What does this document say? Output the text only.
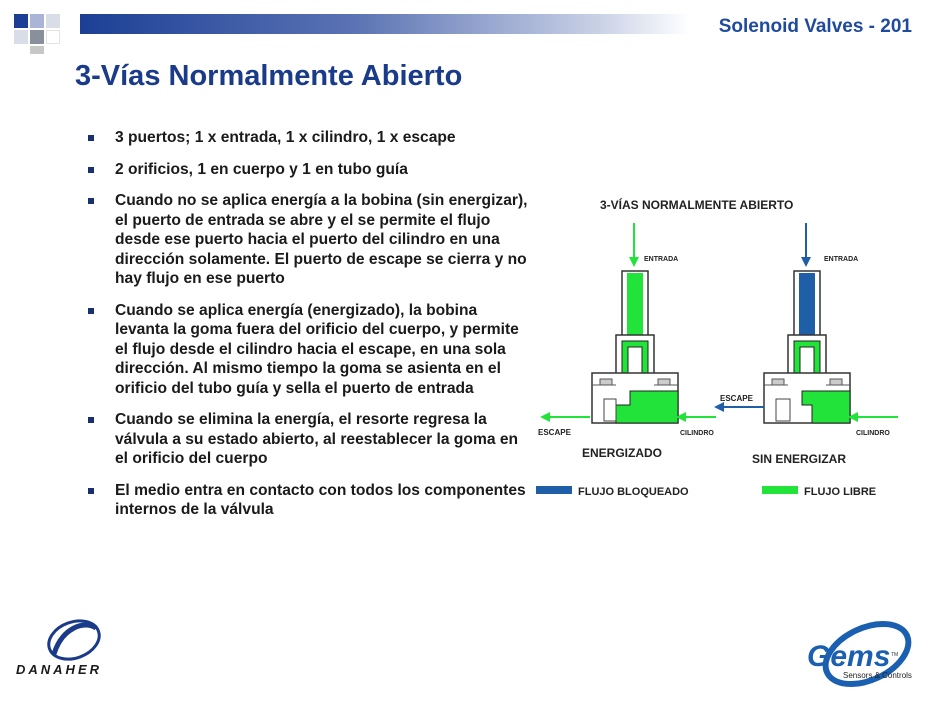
Solenoid Valves - 201
3-Vías Normalmente Abierto
3 puertos; 1 x entrada, 1 x cilindro, 1 x escape
2 orificios, 1 en cuerpo y 1 en tubo guía
Cuando no se aplica energía a la bobina (sin energizar), el puerto de entrada se abre y el se permite el flujo desde ese puerto hacia el puerto del cilindro en una dirección solamente. El puerto de escape se cierra y no hay flujo en ese puerto
Cuando se aplica energía (energizado), la bobina levanta la goma fuera del orificio del cuerpo, y permite el flujo desde el cilindro hacia el escape, en una sola dirección. Al mismo tiempo la goma se asienta en el orificio del tubo guía y sella el puerto de entrada
Cuando se elimina la energía, el resorte regresa la válvula a su estado abierto, al reestablecer la goma en el orificio del cuerpo
El medio entra en contacto con todos los componentes internos de la válvula
3-VÍAS NORMALMENTE ABIERTO
ENTRADA
ESCAPE	CILINDRO
ENERGIZADO
ENTRADA
ESCAPE
CILINDRO
SIN ENERGIZAR
FLUJO BLOQUEADO	FLUJO LIBRE
DANAHER	Gems TM
Sensors & Controls
